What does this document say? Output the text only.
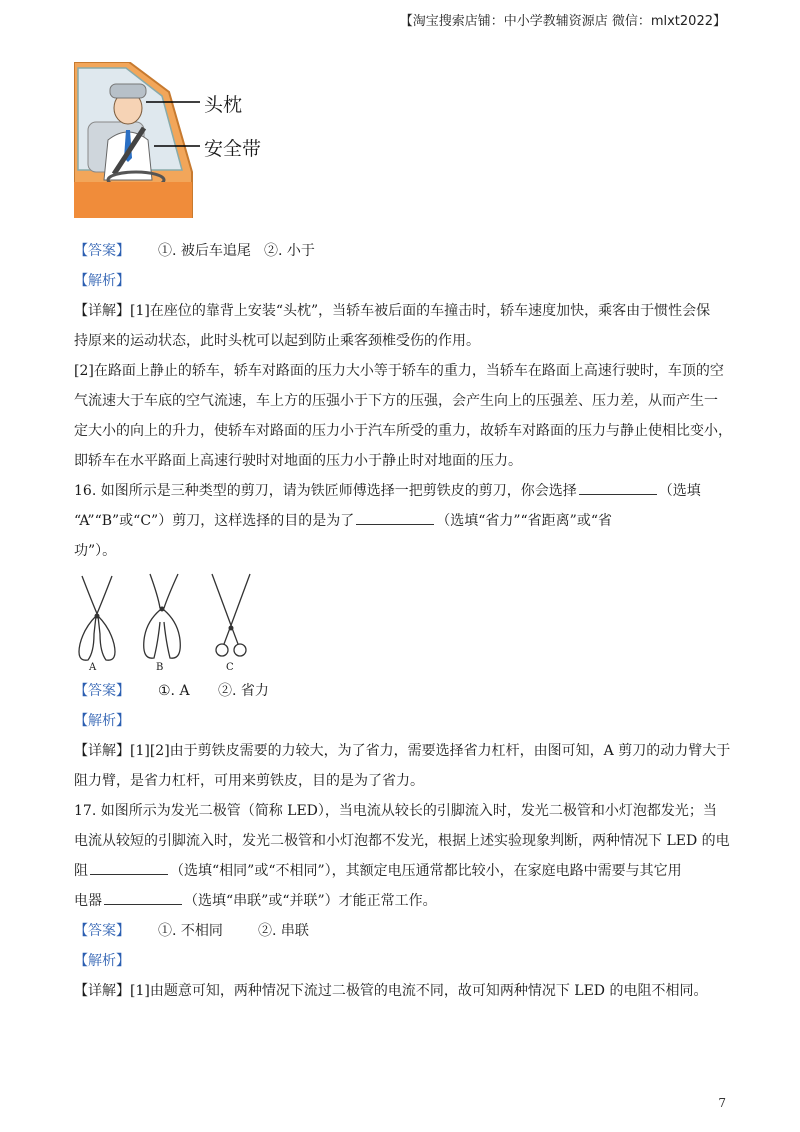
【淘宝搜索店铺：中小学教辅资源店 微信：mlxt2022】
头枕
安全带
【答案】	①. 被后车追尾 ②. 小于

【解析】

【详解】[1]在座位的靠背上安装“头枕”，当轿车被后面的车撞击时，轿车速度加快，乘客由于惯性会保

持原来的运动状态，此时头枕可以起到防止乘客颈椎受伤的作用。

[2]在路面上静止的轿车，轿车对路面的压力大小等于轿车的重力，当轿车在路面上高速行驶时，车顶的空

气流速大于车底的空气流速，车上方的压强小于下方的压强，会产生向上的压强差、压力差，从而产生一

定大小的向上的升力，使轿车对路面的压力小于汽车所受的重力，故轿车对路面的压力与静止使相比变小，

即轿车在水平路面上高速行驶时对地面的压力小于静止时对地面的压力。

16. 如图所示是三种类型的剪刀，请为铁匠师傅选择一把剪铁皮的剪刀，你会选择	（选填

“A”“B”或“C”）剪刀，这样选择的目的是为了	（选填“省力”“省距离”或“省

功”）。

A	B	C
【答案】	①. A	②. 省力

【解析】

【详解】[1][2]由于剪铁皮需要的力较大，为了省力，需要选择省力杠杆，由图可知，A 剪刀的动力臂大于

阻力臂，是省力杠杆，可用来剪铁皮，目的是为了省力。

17. 如图所示为发光二极管（简称 LED），当电流从较长的引脚流入时，发光二极管和小灯泡都发光；当

电流从较短的引脚流入时，发光二极管和小灯泡都不发光，根据上述实验现象判断，两种情况下 LED 的电

阻	（选填“相同”或“不相同”），其额定电压通常都比较小，在家庭电路中需要与其它用

电器	（选填“串联”或“并联”）才能正常工作。

【答案】	①. 不相同	②. 串联

【解析】

【详解】[1]由题意可知，两种情况下流过二极管的电流不同，故可知两种情况下 LED 的电阻不相同。

7
